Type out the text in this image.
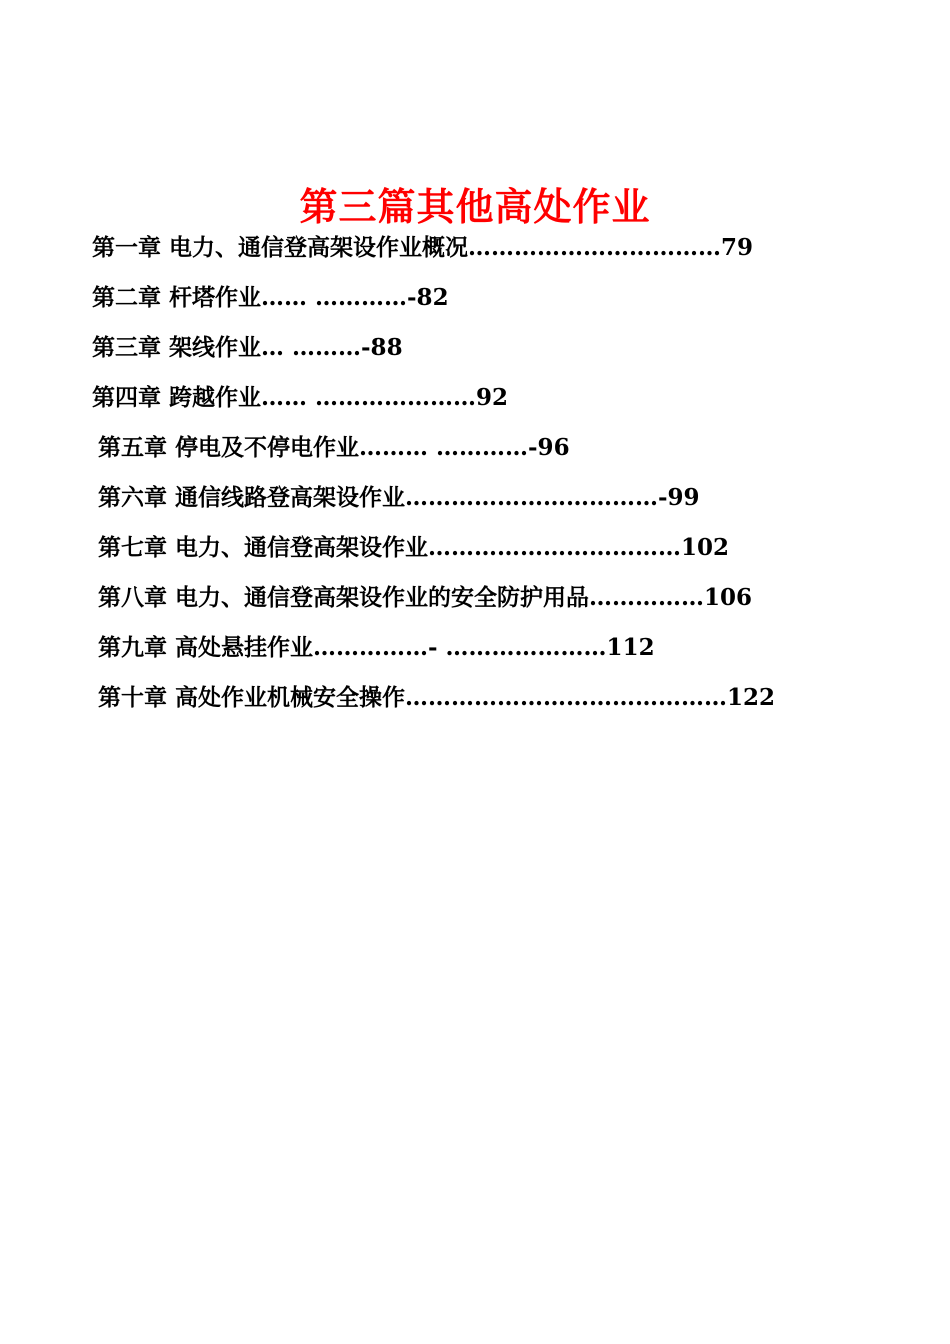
第三篇其他高处作业
第一章 电力、通信登高架设作业概况……………………………79
第二章 杆塔作业…… …………-82
第三章 架线作业… ………-88
第四章 跨越作业…… …………………92
第五章 停电及不停电作业……… …………-96
第六章 通信线路登高架设作业……………………………-99
第七章 电力、通信登高架设作业……………………………102
第八章 电力、通信登高架设作业的安全防护用品……………106
第九章 高处悬挂作业……………- …………………112
第十章 高处作业机械安全操作……………………………………122
